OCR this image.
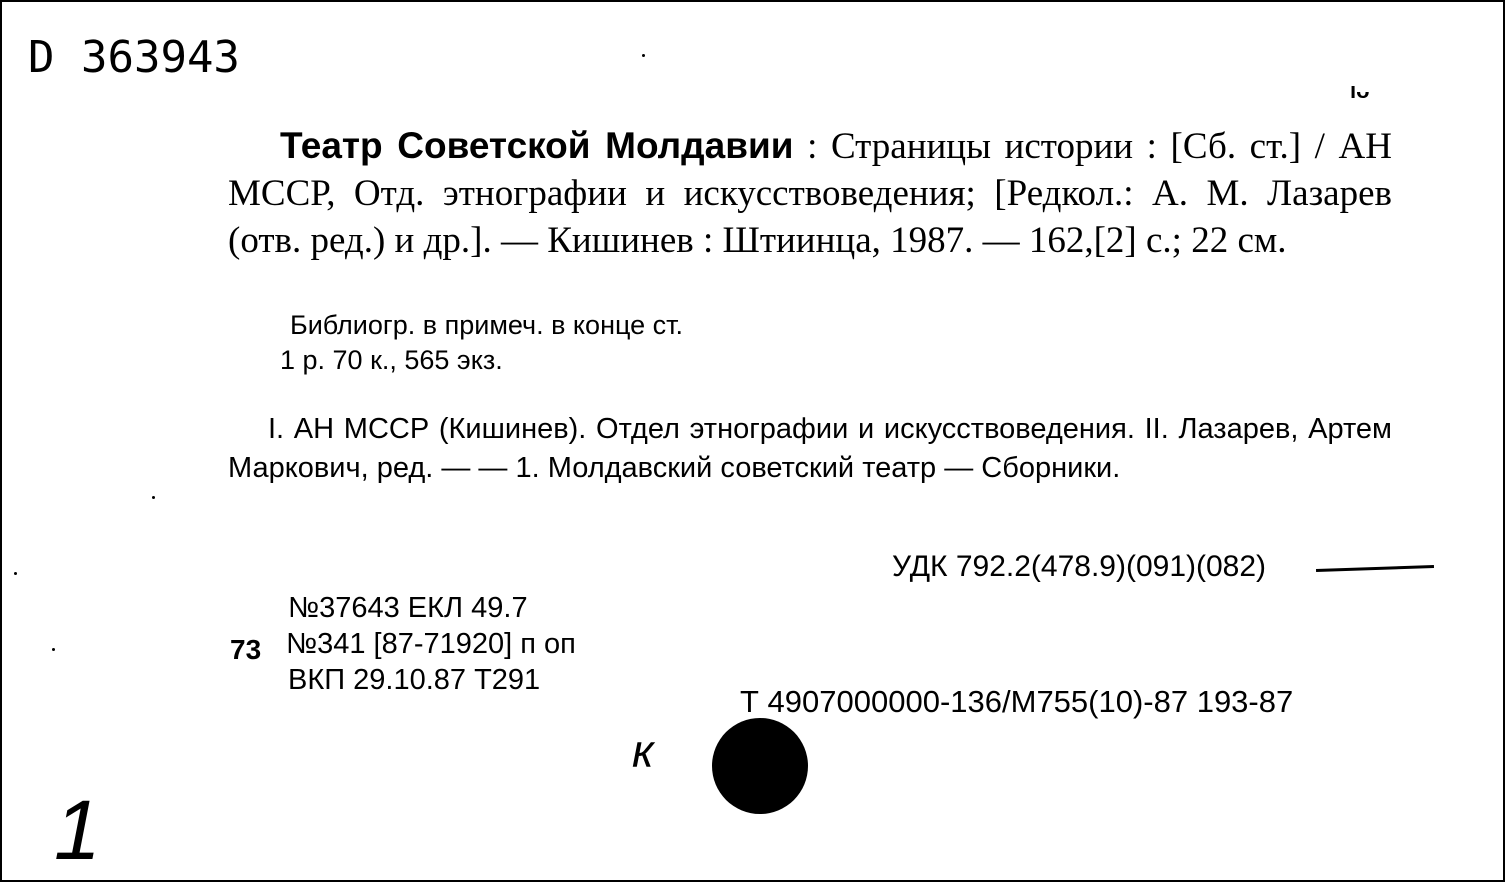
D 363943
ıᴗ
Театр Советской Молдавии : Страницы истории : [Сб. ст.] / АН МССР, Отд. этнографии и искусствоведения; [Редкол.: А. М. Лазарев (отв. ред.) и др.]. — Кишинев : Штиинца, 1987. — 162,[2] с.; 22 см.
Библиогр. в примеч. в конце ст.
1 р. 70 к., 565 экз.
I. АН МССР (Кишинев). Отдел этнографии и искусствоведения. II. Лазарев, Артем Маркович, ред. — — 1. Молдавский советский театр — Сборники.
УДК 792.2(478.9)(091)(082)
№37643 ЕКЛ 49.7
73 №341 [87-71920] п оп
ВКП 29.10.87 Т291
Т 4907000000-136/М755(10)-87 193-87
к
1
